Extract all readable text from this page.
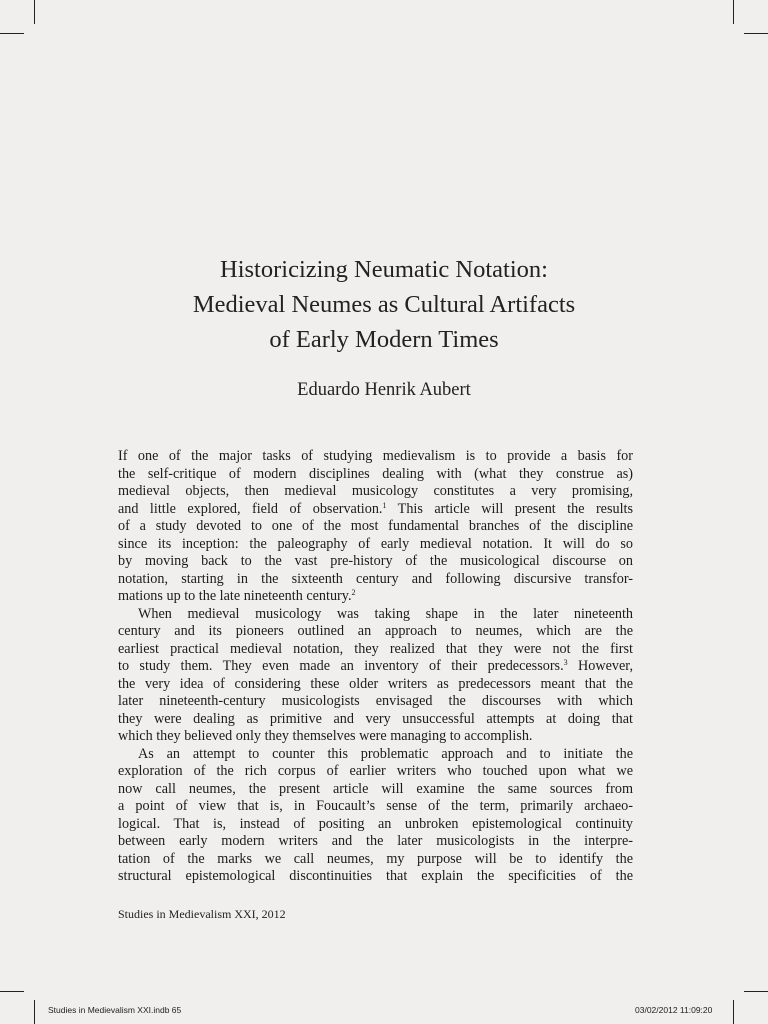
Historicizing Neumatic Notation:
Medieval Neumes as Cultural Artifacts
of Early Modern Times
Eduardo Henrik Aubert

If one of the major tasks of studying medievalism is to provide a basis for
the self-critique of modern disciplines dealing with (what they construe as)
medieval objects, then medieval musicology constitutes a very promising,
and little explored, field of observation.$^1$ This article will present the results
of a study devoted to one of the most fundamental branches of the discipline
since its inception: the paleography of early medieval notation. It will do so
by moving back to the vast pre-history of the musicological discourse on
notation, starting in the sixteenth century and following discursive transfor-
mations up to the late nineteenth century.$^2$

When medieval musicology was taking shape in the later nineteenth
century and its pioneers outlined an approach to neumes, which are the
earliest practical medieval notation, they realized that they were not the first
to study them. They even made an inventory of their predecessors.$^3$ However,
the very idea of considering these older writers as predecessors meant that the
later nineteenth-century musicologists envisaged the discourses with which
they were dealing as primitive and very unsuccessful attempts at doing that
which they believed only they themselves were managing to accomplish.

As an attempt to counter this problematic approach and to initiate the
exploration of the rich corpus of earlier writers who touched upon what we
now call neumes, the present article will examine the same sources from
a point of view that is, in Foucault’s sense of the term, primarily archaeo-
logical. That is, instead of positing an unbroken epistemological continuity
between early modern writers and the later musicologists in the interpre-
tation of the marks we call neumes, my purpose will be to identify the
structural epistemological discontinuities that explain the specificities of the

Studies in Medievalism XXI, 2012
Studies in Medievalism XXI.indb 65	03/02/2012 11:09:20
